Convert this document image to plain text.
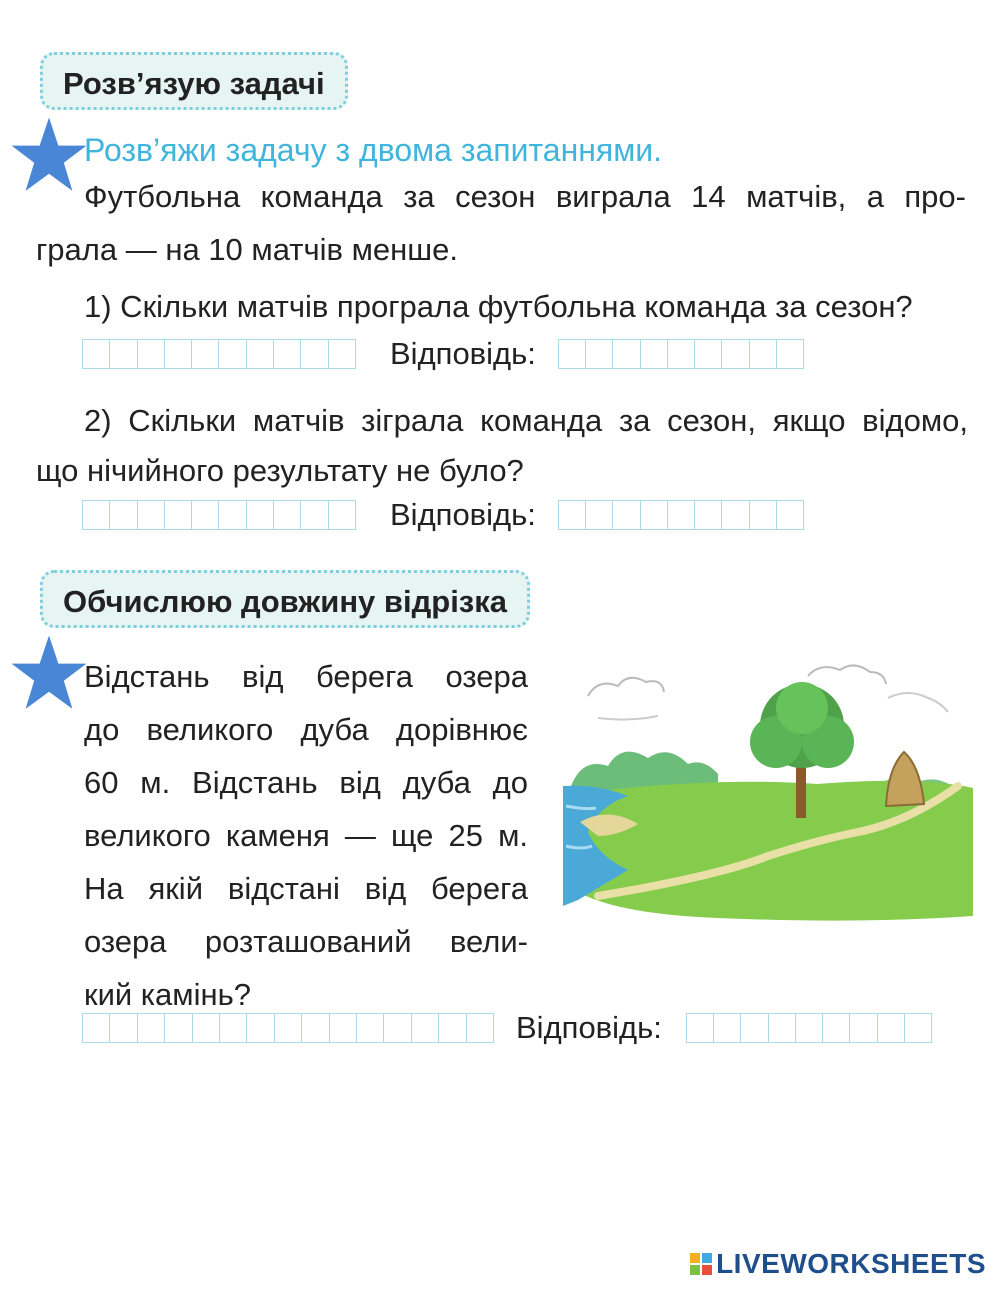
Розв’язую задачі
Розв’яжи задачу з двома запитаннями.
Футбольна команда за сезон виграла 14 матчів, а про-
грала — на 10 матчів менше.
1) Скільки матчів програла футбольна команда за сезон?
Відповідь:
2) Скільки матчів зіграла команда за сезон, якщо відомо,
що нічийного результату не було?
Відповідь:
Обчислюю довжину відрізка
Відстань від берега озера
до великого дуба дорівнює
60 м. Відстань від дуба до
великого каменя — ще 25 м.
На якій відстані від берега
озера розташований вели-
кий камінь?
Відповідь:
LIVEWORKSHEETS
